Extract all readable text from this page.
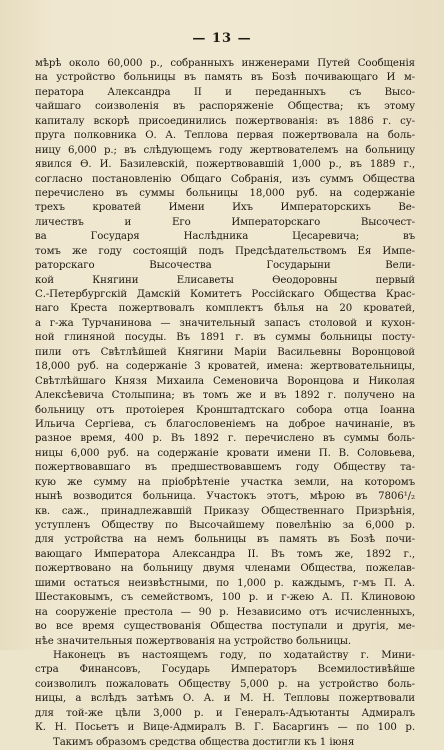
— 13 —
мѣрѣ около 60,000 р., собранныхъ инженерами Путей Сообщенія
на устройство больницы въ память въ Бозѣ почивающаго И м-
ператора Александра II и переданныхъ съ Высо-
чайшаго соизволенія въ распоряженіе Общества; къ этому
капиталу вскорѣ присоединились пожертвованія: въ 1886 г. су-
пруга полковника О. А. Теплова первая пожертвовала на боль-
ницу 6,000 р.; въ слѣдующемъ году жертвователемъ на больницу
явился Ѳ. И. Базилевскій, пожертвовавшій 1,000 р., въ 1889 г.,
согласно постановленію Общаго Собранія, изъ суммъ Общества
перечислено въ суммы больницы 18,000 руб. на содержаніе
трехъ кроватей Имени Ихъ Императорскихъ Ве-
личествъ и Его Императорскаго Высочест-
ва Государя Наслѣдника Цесаревича; въ
томъ же году состоящій подъ Предсѣдательствомъ Ея Импе-
раторскаго Высочества Государыни Вели-
кой Княгини Елисаветы Ѳеодоровны первый
С.-Петербургскій Дамскій Комитетъ Россійскаго Общества Крас-
наго Креста пожертвовалъ комплектъ бѣлья на 20 кроватей,
а г-жа Турчанинова — значительный запасъ столовой и кухон-
ной глиняной посуды. Въ 1891 г. въ суммы больницы посту-
пили отъ Свѣтлѣйшей Княгини Маріи Васильевны Воронцовой
18,000 руб. на содержаніе 3 кроватей, имена: жертвовательницы,
Свѣтлѣйшаго Князя Михаила Семеновича Воронцова и Николая
Алексѣевича Столыпина; въ томъ же и въ 1892 г. получено на
больницу отъ протоіерея Кронштадтскаго собора отца Іоанна
Ильича Сергіева, съ благословеніемъ на доброе начинаніе, въ
разное время, 400 р. Въ 1892 г. перечислено въ суммы боль-
ницы 6,000 руб. на содержаніе кровати имени П. В. Соловьева,
пожертвовавшаго въ предшествовавшемъ году Обществу та-
кую же сумму на пріобрѣтеніе участка земли, на которомъ
нынѣ возводится больница. Участокъ этотъ, мѣрою въ 7806¹/₂
кв. саж., принадлежавшій Приказу Общественнаго Призрѣнія,
уступленъ Обществу по Высочайшему повелѣнію за 6,000 р.
для устройства на немъ больницы въ память въ Бозѣ почи-
вающаго Императора Александра II. Въ томъ же, 1892 г.,
пожертвовано на больницу двумя членами Общества, пожелав-
шими остаться неизвѣстными, по 1,000 р. каждымъ, г-мъ П. А.
Шестаковымъ, съ семействомъ, 100 р. и г-жею А. П. Клиновою
на сооруженіе престола — 90 р. Независимо отъ исчисленныхъ,
во все время существованія Общества поступали и другія, ме-
нѣе значительныя пожертвованія на устройство больницы.
Наконецъ въ настоящемъ году, по ходатайству г. Мини-
стра Финансовъ, Государь Императоръ Всемилостивѣйше
соизволилъ пожаловать Обществу 5,000 р. на устройство боль-
ницы, а вслѣдъ затѣмъ О. А. и М. Н. Тепловы пожертвовали
для той-же цѣли 3,000 р. и Генералъ-Адъютанты Адмиралъ
К. Н. Посьетъ и Вице-Адмиралъ В. Г. Басаргинъ — по 100 р.
Такимъ образомъ средства общества достигли къ 1 іюня
